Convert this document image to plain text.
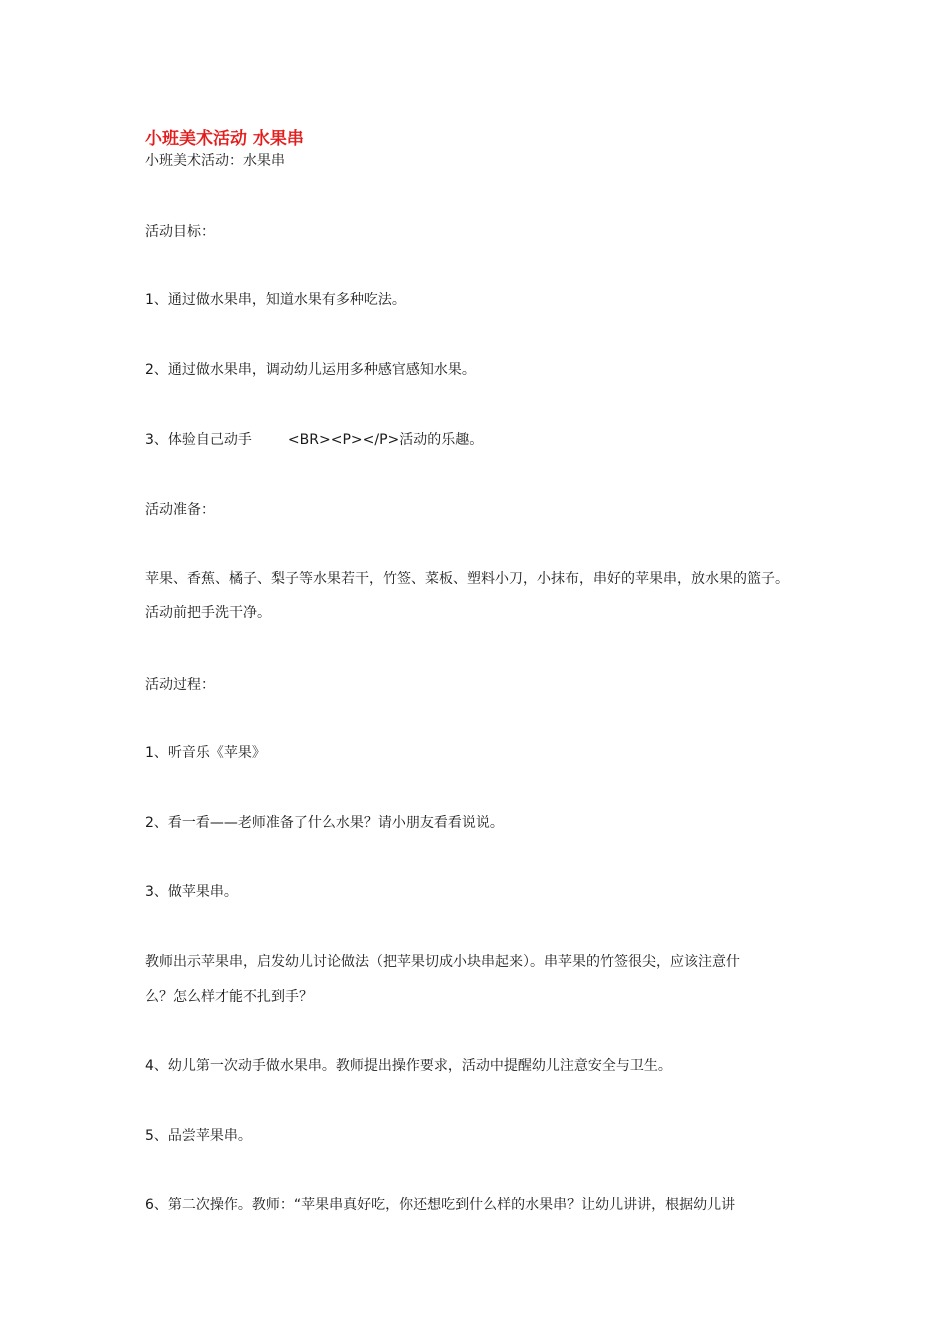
小班美术活动 水果串
小班美术活动：水果串
活动目标：
1、通过做水果串，知道水果有多种吃法。
2、通过做水果串，调动幼儿运用多种感官感知水果。
3、体验自己动手	<BR><P></P>活动的乐趣。
活动准备：
苹果、香蕉、橘子、梨子等水果若干，竹签、菜板、塑料小刀，小抹布，串好的苹果串，放水果的篮子。
活动前把手洗干净。
活动过程：
1、听音乐《苹果》
2、看一看——老师准备了什么水果？请小朋友看看说说。
3、做苹果串。
教师出示苹果串，启发幼儿讨论做法（把苹果切成小块串起来）。串苹果的竹签很尖，应该注意什
么？怎么样才能不扎到手？
4、幼儿第一次动手做水果串。教师提出操作要求，活动中提醒幼儿注意安全与卫生。
5、品尝苹果串。
6、第二次操作。教师：“苹果串真好吃，你还想吃到什么样的水果串？让幼儿讲讲，根据幼儿讲
